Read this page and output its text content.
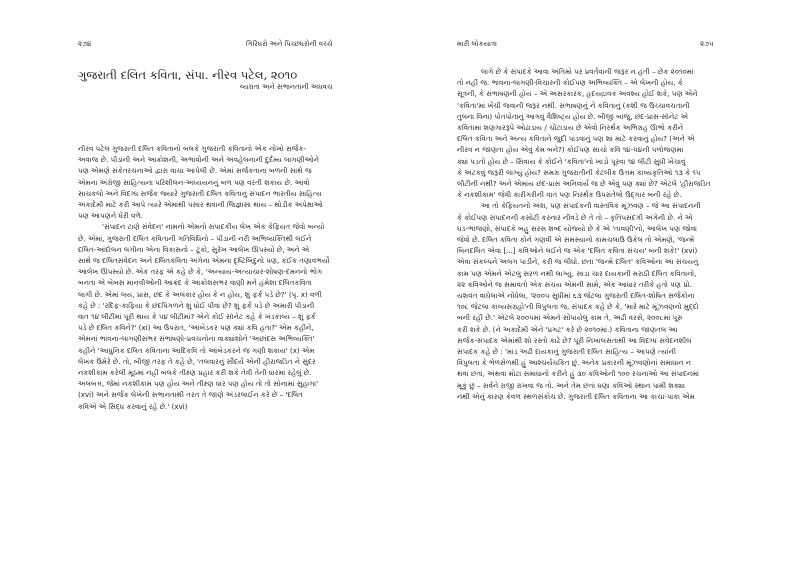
૨૭૪	ગિરિધરો અને પિચ્છધરોની વચ્ચે
ગુજરાતી દલિત કવિતા, સંપા. નીરવ પટેલ, ૨૦૧૦
વ્યગ્રતા અને સભાનતાની અધવચ

નીરવ પટેલ ગુજરાતી દલિત કવિતાનો બલકે ગુજરાતી કવિતાનો એક નોખો સર્જક-
અવાજ છે. પીડાની અને આક્રોશની, અભાવોની અને અવહેલનાની દુર્દમ્ય લાગણીઓને
પણ એમણે સંકેતરચનાઓ દ્વારા વાચા આપેલી છે. એમાં સર્જકતાના બળની સાથે જ
એમના અંગ્રેજી સાહિત્યના પરિશીલન-અધ્યયનનું બળ પણ વરતી શકાય છે. આવો
સાચકલો અને વિદગ્ધ સર્જક જ્યારે ગુજરાતી દલિત કવિતાનું સંપાદન ભારતીય સાહિત્ય
અકાદેમી માટે કરી આપે ત્યારે એમાંથી પસાર થવાની જિજ્ઞાસા થાય – થોડીક અપેક્ષાઓ
પણ આપણને ઘેરી વળે.

'સંપાદન ટાણે સંવેદન' નામનો એમનો સંપાદકીય લેખ એક કેફિયત જેવો બન્યો
છે. એમાં, ગુજરાતી દલિત કવિતાની ગતિવિધિનો – પીડાની નરી અભિવ્યક્તિથી લઈને
દલિત-આંદોલન લગીના એના વિકાસનો – ટૂંકો, સુરેખ આલેખ ઊપસ્યો છે, અને એ
સાથે જ દલિતસંવેદન અને દલિતકવિતા અંગેના એમના દૃષ્ટિબિંદુનો પણ, કંઈક તણાવભર્યો
આલેખ ઊપસ્યો છે. એક તરફ એ કહે છે કે, 'અન્યાય-અત્યાચાર-શોષણ-દમનનો ભોગ
બનતા એ બેબસ માનવીઓની આક્રંદ કે આક્રોશસભર વાણી મને હંમેશા દલિતકવિતા
લાગી છે. એમાં લય, પ્રાસ, છંદ કે અલંકાર હોય કે ન હોય, શું ફર્ક પડે છે?' (પૃ. x) વળી
કહે છે : 'રદિફ-કાફિયા કે છંદપિંગળને શું ધોઈ પીવાં છે? શું ફર્ક પડે છે અમારી પીડાની
વાત ૧૪ લીટીમાં પૂરી થાય કે ૫૪ લીટીમાં? એને કોઈ સૉનેટ કહે કે ખંડકાવ્ય – શું ફર્ક
પડે છે દલિત કવિને?' (xi) આ ઉપરાંત, 'આંબેડકર પણ ક્યાં કવિ હતા?' એમ કહીને,
એમનાં ભાવના-લાગણીસભર સંભાષણો-પ્રવચનોના વાક્યાંશોને 'અછાંદસ અભિવ્યક્તિ'
કહીને 'આધુનિક દલિત કવિતાના આદિકવિ તો આંબેડકરને જ ગણી શકાય' (x) એમ
લેખક ઉમેરે છે. તો, બીજી તરફ તે કહે છે, 'તલવારનું સૌંદર્ય એની હીરાજડિત ને સુંદર
નકશીકામ કરેલી મૂઠમાં નહીં બલકે તીક્ષ્ણ પ્રહાર કરી શકે તેવી તેની ધારમાં રહેલું છે.
અલબત્ત, જેમાં નકશીકામ પણ હોય અને તીક્ષ્ણ ધાર પણ હોય તો તો સોનામાં સુહાગા'
(xvi) અને સર્જક લેખેની સભાનતાથી તરત તે જાણે અંડરલાઈન કરે છે – 'દલિત
કવિએ એ સિદ્ધ કરવાનું રહે છે.' (xvi)

મારી લોકયાત્રા	૨૭૫

લાગે છે કે સંપાદકે આવા અંતિમો પર પ્રવર્તવાની જરૂર ન હતી – છેક ૨૦૧૦માં
તો નહીં જ. ભાવના-લાગણી-વિચારની કોઈપણ અભિવ્યક્તિ – એ લેખની હોય, કે
સૂત્રની, કે સંભાષણની હોય – એ અસરકારક, હૃદયદ્રાવક અવશ્ય હોઈ શકે, પણ એને
'કવિતા'માં ખેંચી જવાની જરૂર નથી. સંભાષણનું ને કવિતાનું (કશી જ ઉચ્ચાવચતાની
તુલના વિના) પોતપોતાનું આગવું વૈશિષ્ટ્ય હોય છે. બીજી બાજુ, છંદ-પ્રાસ-સૉનેટ એ
કવિતામાં શણગારરૂપે ઓઢાડાય / ચોંટાડાય છે એવો નિરર્થક અભિગ્રહ ઊભો કરીને
દલિત કવિતા અને અન્ય કવિતાને જુદી પાડવાનું પણ શા માટે કરવાનું હોય? (અને એ
નીરવ ન જાણતા હોય એવું કેમ બને?) કોઈપણ સાચો કવિ ૧૪-૫૪ની પળોજણમાં
ક્યાં પડતો હોય છે – સિવાય કે કોઈને 'કવિતા'નો ખાડો પૂરવા ૧૪ લીટી સુધી ખેંચાવું
કે અટકવું જરૂરી લાગ્યું હોય? સમગ્ર ગુજરાતીની કેટલીક ઉત્તમ કાવ્યકૃતિઓ ૧૩ કે ૧૫
લીટીની નથી? અને એમાંય છંદ-પ્રાસ અનિવાર્ય જ છે એવું પણ ક્યાં છે? એટલે 'હીરાજડિત
કે નકશીકામ' જેવી કારીગરીની વાત પણ નિરર્થક ઉપરાંતેલો ઉદ્‌ગાર બની રહે છે.

આ તો કેફિયતનો અંશ, પણ સંપાદકની વાસ્તવિક મૂંઝવણ – જે આ સંપાદનની
કે કોઈપણ સંપાદનની કસોટી કરનાર નીવડે છે તે તો – કૃતિપસંદગી અંગેની છે. ને એ
ઘડ-ભાંજણો, સંપાદકે બહુ સરસ શબ્દ યોજ્યો છે કે એ 'તાવણી'નો, આલેખ પણ જોવા
જેવો છે. દલિત કવિતા કોને ગણવી એ સમસ્યાનો કામચલાઉ ઉકેલ તો એમણે, 'જન્મે
બિનદલિત એવા [...] કવિઓને લઈને જ એક 'દલિત કવિતા સંચય' બની શકે!' (xvi)
એવા સંકલ્પને અલગ પાડીને, કરી જ લીધો. છતાં 'જન્મે દલિત' કવિઓના આ સંચયનું
કામ પણ એમને એટલું સરળ નથી લાગ્યું. સાડા ચાર દાયકાની મરાઠી દલિત કવિતાનો,
૨૨ કવિઓને જ સમાવતો એક સંચય એમની સામે, એક આધાર તરીકે હતો પણ પ્રો.
યશવંત વાઘેલાએ નોંધેલા, '૨૦૦૫ સુધીમાં ૬૩ જેટલા ગુજરાતી દલિત-શોષિત સર્જકોના
૧૦૮ જેટલા કાવ્યસંગ્રહો'ની વિપુલતા જ, સંપાદક કહે છે કે, 'મારે માટે મૂંઝવણનો મુદ્દો
બની રહી છે.' એટલે ૨૦૦૫માં એમને સોંપાયેલું કામ તે, અઢી વરસે, ૨૦૦૮માં પૂરું
કરી શકે છે. (ને અકાદેમી એને 'પ્રગટ' કરે છે ૨૦૧૦માં.) કવિતાના જાણતલ આ
સર્જક-સંપાદક એમાંથી શો રસ્તો કાઢે છે? પૂરી નિખાલસતાથી આ વિદગ્ધ સંવેદનશીલ
સંપાદક કહે છે : 'માંડ અઢી દાયકાનું ગુજરાતી દલિત સાહિત્ય – આપણે ત્યાંની
વિપુલતા કે ભેળસેળથી હું આશ્ચર્યચકિત છું. અનેક પ્રકારની મૂંઝવણોનાં સમાધાન ન
થવા છતાં, અથવા મોટાં સમાધાનો કરીને હું ૩૦ કવિઓની ૧૦૦ રચનાઓ આ સંપાદનમાં
મૂકું છું – સર્વને રાજી રાખવા જ તો. અને તેમ છતાં ઘણા કવિઓ સ્થાન પામી શક્યા
નથી એનું કારણ કેવળ સ્થળસંકોચ છે. ગુજરાતી દલિત કવિતાના આ કાચા-પાકા એમ
